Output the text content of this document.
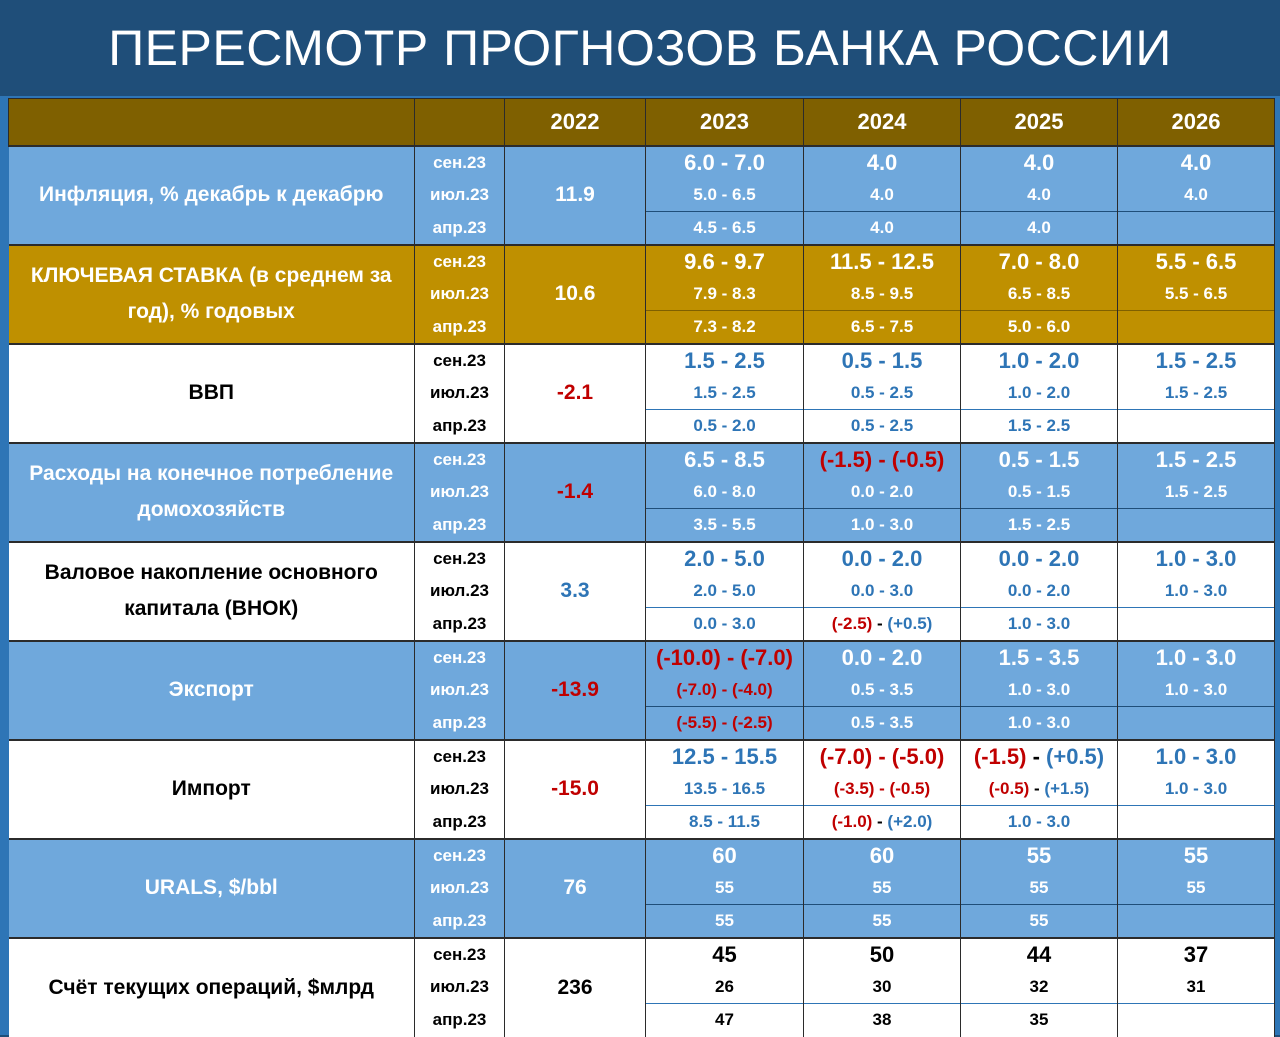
ПЕРЕСМОТР ПРОГНОЗОВ БАНКА РОССИИ
		2022	2023	2024	2025	2026
Инфляция, % декабрь к декабрю	сен.23	11.9	6.0 - 7.0	4.0	4.0	4.0
	июл.23		5.0 - 6.5	4.0	4.0	4.0
	апр.23		4.5 - 6.5	4.0	4.0	
КЛЮЧЕВАЯ СТАВКА (в среднем за год), % годовых	сен.23	10.6	9.6 - 9.7	11.5 - 12.5	7.0 - 8.0	5.5 - 6.5
	июл.23		7.9 - 8.3	8.5 - 9.5	6.5 - 8.5	5.5 - 6.5
	апр.23		7.3 - 8.2	6.5 - 7.5	5.0 - 6.0	
ВВП	сен.23	-2.1	1.5 - 2.5	0.5 - 1.5	1.0 - 2.0	1.5 - 2.5
	июл.23		1.5 - 2.5	0.5 - 2.5	1.0 - 2.0	1.5 - 2.5
	апр.23		0.5 - 2.0	0.5 - 2.5	1.5 - 2.5	
Расходы на конечное потребление домохозяйств	сен.23	-1.4	6.5 - 8.5	(-1.5) - (-0.5)	0.5 - 1.5	1.5 - 2.5
	июл.23		6.0 - 8.0	0.0 - 2.0	0.5 - 1.5	1.5 - 2.5
	апр.23		3.5 - 5.5	1.0 - 3.0	1.5 - 2.5	
Валовое накопление основного капитала (ВНОК)	сен.23	3.3	2.0 - 5.0	0.0 - 2.0	0.0 - 2.0	1.0 - 3.0
	июл.23		2.0 - 5.0	0.0 - 3.0	0.0 - 2.0	1.0 - 3.0
	апр.23		0.0 - 3.0	(-2.5) - (+0.5)	1.0 - 3.0	
Экспорт	сен.23	-13.9	(-10.0) - (-7.0)	0.0 - 2.0	1.5 - 3.5	1.0 - 3.0
	июл.23		(-7.0) - (-4.0)	0.5 - 3.5	1.0 - 3.0	1.0 - 3.0
	апр.23		(-5.5) - (-2.5)	0.5 - 3.5	1.0 - 3.0	
Импорт	сен.23	-15.0	12.5 - 15.5	(-7.0) - (-5.0)	(-1.5) - (+0.5)	1.0 - 3.0
	июл.23		13.5 - 16.5	(-3.5) - (-0.5)	(-0.5) - (+1.5)	1.0 - 3.0
	апр.23		8.5 - 11.5	(-1.0) - (+2.0)	1.0 - 3.0	
URALS, $/bbl	сен.23	76	60	60	55	55
	июл.23		55	55	55	55
	апр.23		55	55	55	
Счёт текущих операций, $млрд	сен.23	236	45	50	44	37
	июл.23		26	30	32	31
	апр.23		47	38	35	
